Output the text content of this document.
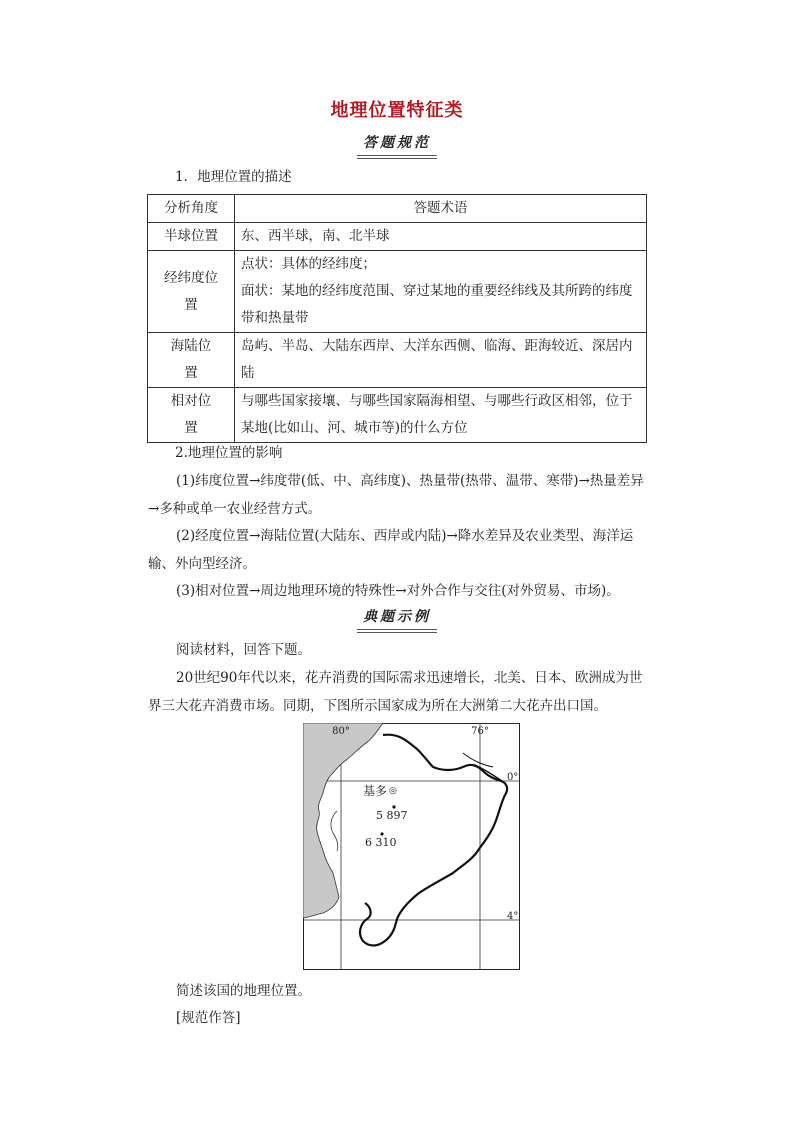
地理位置特征类
答题规范
1．地理位置的描述
分析角度	答题术语
半球位置	东、西半球，南、北半球
经纬度位置	点状：具体的经纬度；
面状：某地的经纬度范围、穿过某地的重要经纬线及其所跨的纬度带和热量带

海陆位置	岛屿、半岛、大陆东西岸、大洋东西侧、临海、距海较近、深居内陆
相对位置	与哪些国家接壤、与哪些国家隔海相望、与哪些行政区相邻，位于某地(比如山、河、城市等)的什么方位
2.地理位置的影响
(1)纬度位置→纬度带(低、中、高纬度)、热量带(热带、温带、寒带)→热量差异→多种或单一农业经营方式。
(2)经度位置→海陆位置(大陆东、西岸或内陆)→降水差异及农业类型、海洋运输、外向型经济。
(3)相对位置→周边地理环境的特殊性→对外合作与交往(对外贸易、市场)。
典题示例
阅读材料，回答下题。
20世纪90年代以来，花卉消费的国际需求迅速增长，北美、日本、欧洲成为世界三大花卉消费市场。同期，下图所示国家成为所在大洲第二大花卉出口国。
80°	76°
0°
4°
基多 ◎
5 897
6 310
简述该国的地理位置。
[规范作答]
